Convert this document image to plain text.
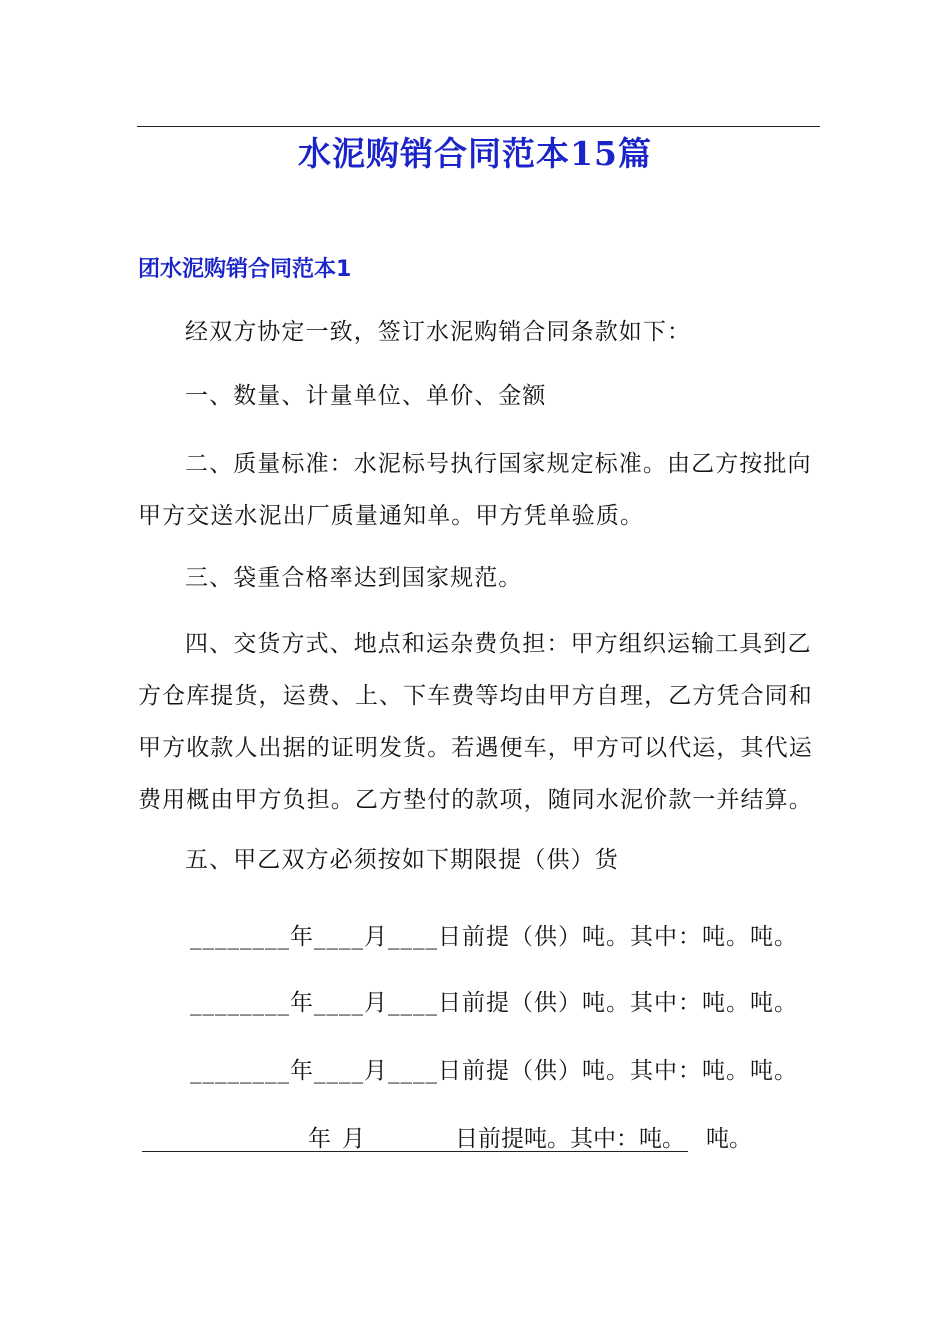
水泥购销合同范本15篇
团水泥购销合同范本1
经双方协定一致，签订水泥购销合同条款如下：
一、数量、计量单位、单价、金额
二、质量标准：水泥标号执行国家规定标准。由乙方按批向甲方交送水泥出厂质量通知单。甲方凭单验质。
三、袋重合格率达到国家规范。
四、交货方式、地点和运杂费负担：甲方组织运输工具到乙方仓库提货，运费、上、下车费等均由甲方自理，乙方凭合同和甲方收款人出据的证明发货。若遇便车，甲方可以代运，其代运费用概由甲方负担。乙方垫付的款项，随同水泥价款一并结算。
五、甲乙双方必须按如下期限提（供）货
________年____月____日前提（供）吨。其中：吨。吨。
________年____月____日前提（供）吨。其中：吨。吨。
________年____月____日前提（供）吨。其中：吨。吨。
年 月	日前提吨。其中：吨。 吨。
